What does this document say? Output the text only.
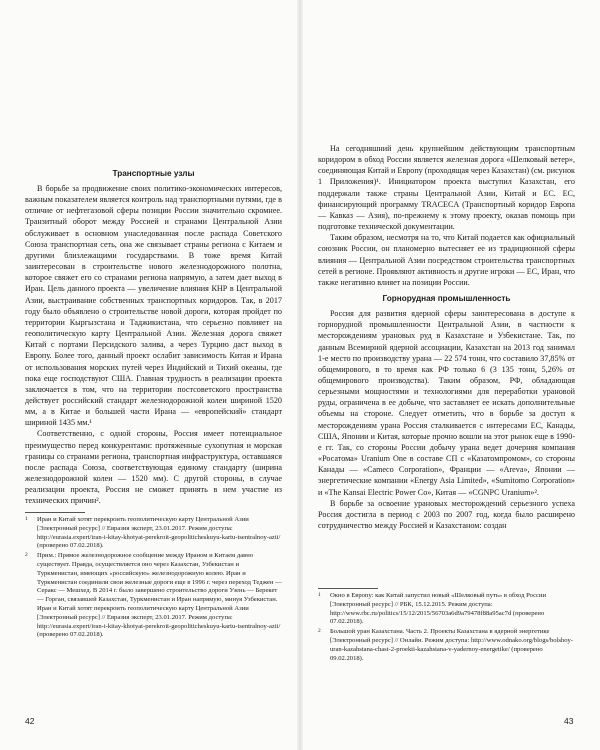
Транспортные узлы

В борьбе за продвижение своих политико-экономических интересов, важным показателем является контроль над транспортными путями, где в отличие от нефтегазовой сферы позиции России значительно скромнее. Транзитный оборот между Россией и странами Центральной Азии обслуживает в основном унаследованная после распада Советского Союза транспортная сеть, она же связывает страны региона с Китаем и другими близлежащими государствами. В тоже время Китай заинтересован в строительстве нового железнодорожного полотна, которое свяжет его со странами региона напрямую, а затем дает выход в Иран. Цель данного проекта — увеличение влияния КНР в Центральной Азии, выстраивание собственных транспортных коридоров. Так, в 2017 году было объявлено о строительстве новой дороги, которая пройдет по территории Кыргызстана и Таджикистана, что серьезно повлияет на геополитическую карту Центральной Азии. Железная дорога свяжет Китай с портами Персидского залива, а через Турцию даст выход в Европу. Более того, данный проект ослабит зависимость Китая и Ирана от использования морских путей через Индийский и Тихий океаны, где пока еще господствуют США. Главная трудность в реализации проекта заключается в том, что на территории постсоветского пространства действует российский стандарт железнодорожной колеи шириной 1520 мм, а в Китае и большей части Ирана — «европейский» стандарт шириной 1435 мм.¹

Соответственно, с одной стороны, Россия имеет потенциальное преимущество перед конкурентами: протяженные сухопутная и морская границы со странами региона, транспортная инфраструктура, оставшаяся после распада Союза, соответствующая единому стандарту (ширина железнодорожной колеи — 1520 мм). С другой стороны, в случае реализации проекта, Россия не сможет принять в нем участие из технических причин².

1 Иран и Китай хотят перекроить геополитическую карту Центральной Азии [Электронный ресурс] // Евразия эксперт, 23.01.2017. Режим доступа: http://eurasia.expert/iran-i-kitay-khotyat-perekroit-geopoliticheskuyu-kartu-tsentralnoy-azii/ (проверено 07.02.2018).

2 Прим.: Прямое железнодорожное сообщение между Ираном и Китаем давно существует. Правда, осуществляется оно через Казахстан, Узбекистан и Туркменистан, имеющих «российскую» железнодорожную колею. Иран и Туркменистан соединили свои железные дороги еще в 1996 г. через переход Теджен — Серакс — Мешхед. В 2014 г. было завершено строительство дороги Узень — Берекет — Горган, связавшей Казахстан, Туркменистан и Иран напрямую, минуя Узбекистан. Иран и Китай хотят перекроить геополитическую карту Центральной Азии [Электронный ресурс] // Евразия эксперт, 23.01.2017. Режим доступа: http://eurasia.expert/iran-i-kitay-khotyat-perekroit-geopoliticheskuyu-kartu-tsentralnoy-azii/ (проверено 07.02.2018).

42

На сегодняшний день крупнейшим действующим транспортным коридором в обход России является железная дорога «Шелковый ветер», соединяющая Китай и Европу (проходящая через Казахстан) (см. рисунок 1 Приложения)¹. Инициатором проекта выступил Казахстан, его поддержали также страны Центральной Азии, Китай и ЕС. ЕС, финансирующий программу TRACECA (Транспортный коридор Европа — Кавказ — Азия), по-прежнему к этому проекту, оказав помощь при подготовке технической документации.

Таким образом, несмотря на то, что Китай подается как официальный союзник России, он планомерно вытесняет ее из традиционной сферы влияния — Центральной Азии посредством строительства транспортных сетей в регионе. Проявляют активность и другие игроки — ЕС, Иран, что также негативно влияет на позиции России.

Горнорудная промышленность

Россия для развития ядерной сферы заинтересована в доступе к горнорудной промышленности Центральной Азии, в частности к месторождениям урановых руд в Казахстане и Узбекистане. Так, по данным Всемирной ядерной ассоциации, Казахстан на 2013 год занимал 1-е место по производству урана — 22 574 тонн, что составило 37,85% от общемирового, в то время как РФ только 6 (3 135 тонн, 5,26% от общемирового производства). Таким образом, РФ, обладающая серьезными мощностями и технологиями для переработки урановой руды, ограничена в ее добыче, что заставляет ее искать дополнительные объемы на стороне. Следует отметить, что в борьбе за доступ к месторождениям урана Россия сталкивается с интересами ЕС, Канады, США, Японии и Китая, которые прочно вошли на этот рынок еще в 1990-е гг. Так, со стороны России добычу урана ведет дочерняя компания «Росатома» Uranium One в составе СП с «Казатомпромом», со стороны Канады — «Cameco Corporation», Франции — «Areva», Японии — энергетические компании «Energy Asia Limited», «Sumitomo Corporation» и «The Kansai Electric Power Co», Китая — «CGNPC Uranium»².

В борьбе за освоение урановых месторождений серьезного успеха Россия достигла в период с 2003 по 2007 год, когда было расширено сотрудничество между Россией и Казахстаном: создан

1 Окно в Европу: как Китай запустил новый «Шелковый путь» в обход России [Электронный ресурс] // РБК, 15.12.2015. Режим доступа: http://www.rbc.ru/politics/15/12/2015/56703a6d9a79478f88a95ac7d (проверено 07.02.2018).

2 Большой уран Казахстана. Часть 2. Проекты Казахстана в ядерной энергетике [Электронный ресурс] // Онлайн. Режим доступа: http://www.odnako.org/blogs/bolshoy-uran-kazahstana-chast-2-proekti-kazahstana-v-yadernoy-energetike/ (проверено 09.02.2018).

43
